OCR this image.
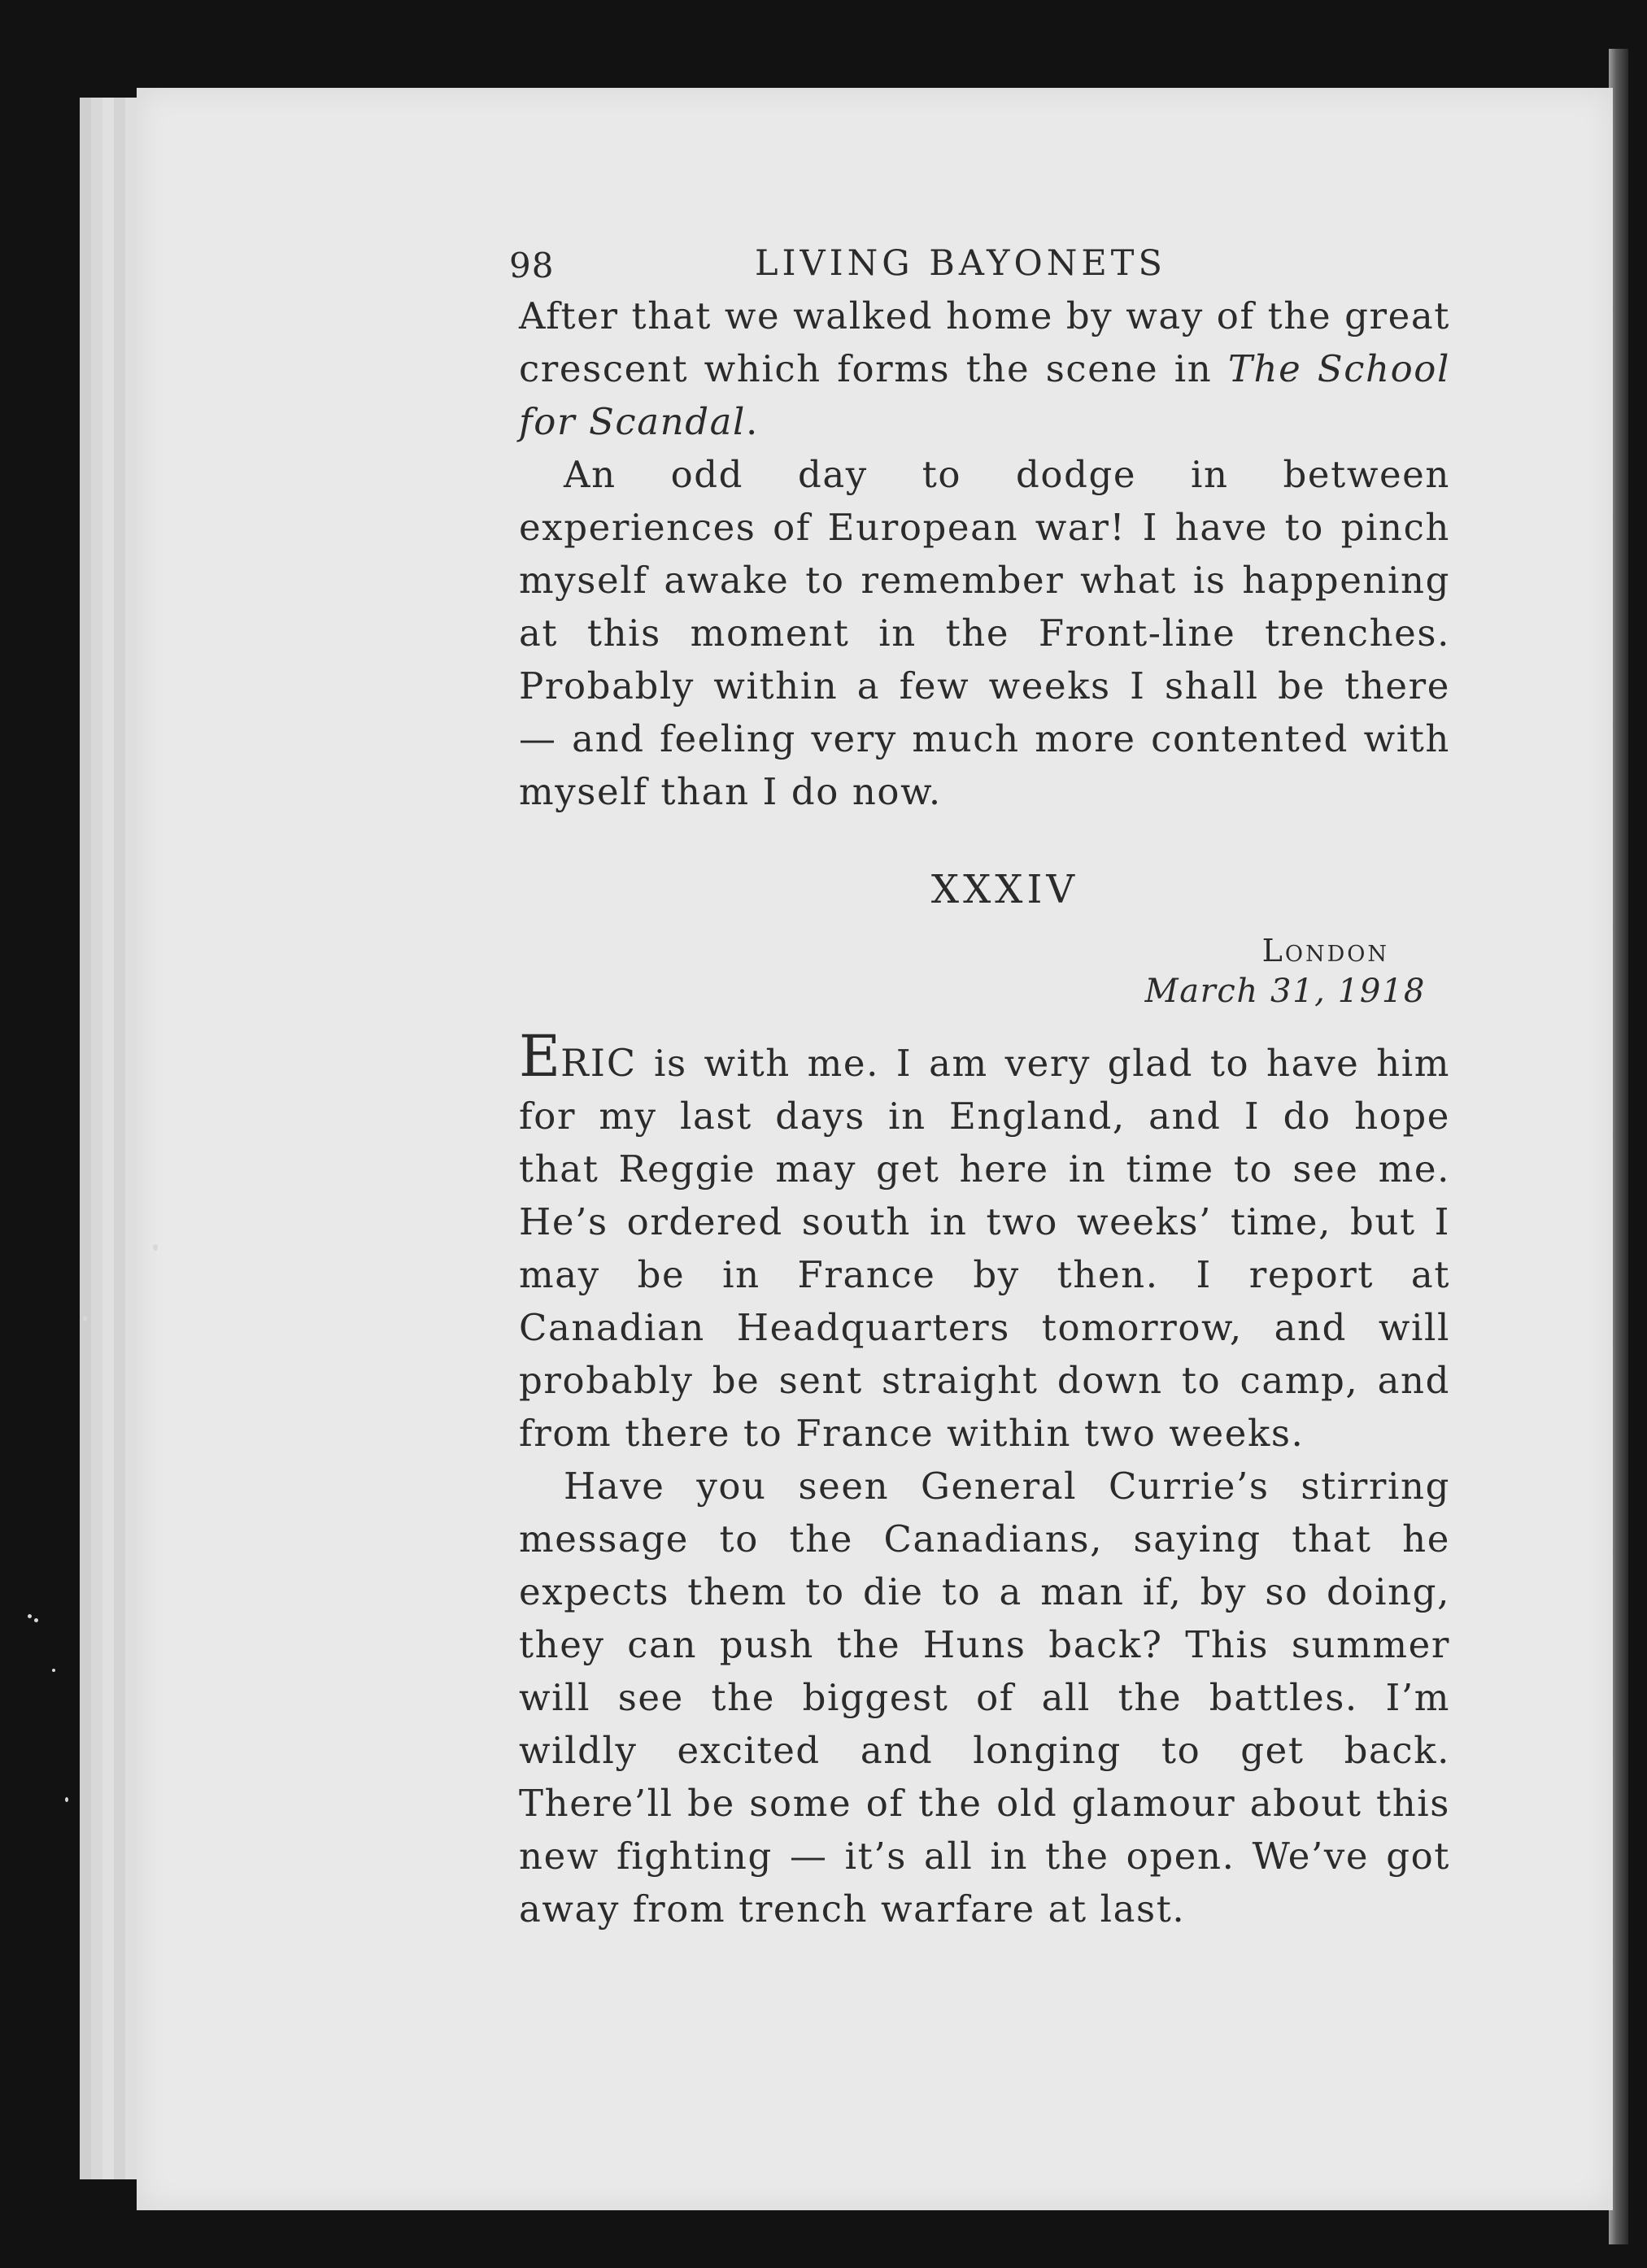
98	LIVING BAYONETS

After that we walked home by way of the great crescent which forms the scene in The School for Scandal.

An odd day to dodge in between experiences of European war! I have to pinch myself awake to remember what is happening at this moment in the Front-line trenches. Probably within a few weeks I shall be there — and feeling very much more contented with myself than I do now.

XXXIV
London
March 31, 1918

ERIC is with me. I am very glad to have him for my last days in England, and I do hope that Reggie may get here in time to see me. He’s ordered south in two weeks’ time, but I may be in France by then. I report at Canadian Headquarters tomorrow, and will probably be sent straight down to camp, and from there to France within two weeks.

Have you seen General Currie’s stirring message to the Canadians, saying that he expects them to die to a man if, by so doing, they can push the Huns back? This summer will see the biggest of all the battles. I’m wildly excited and longing to get back. There’ll be some of the old glamour about this new fighting — it’s all in the open. We’ve got away from trench warfare at last.
